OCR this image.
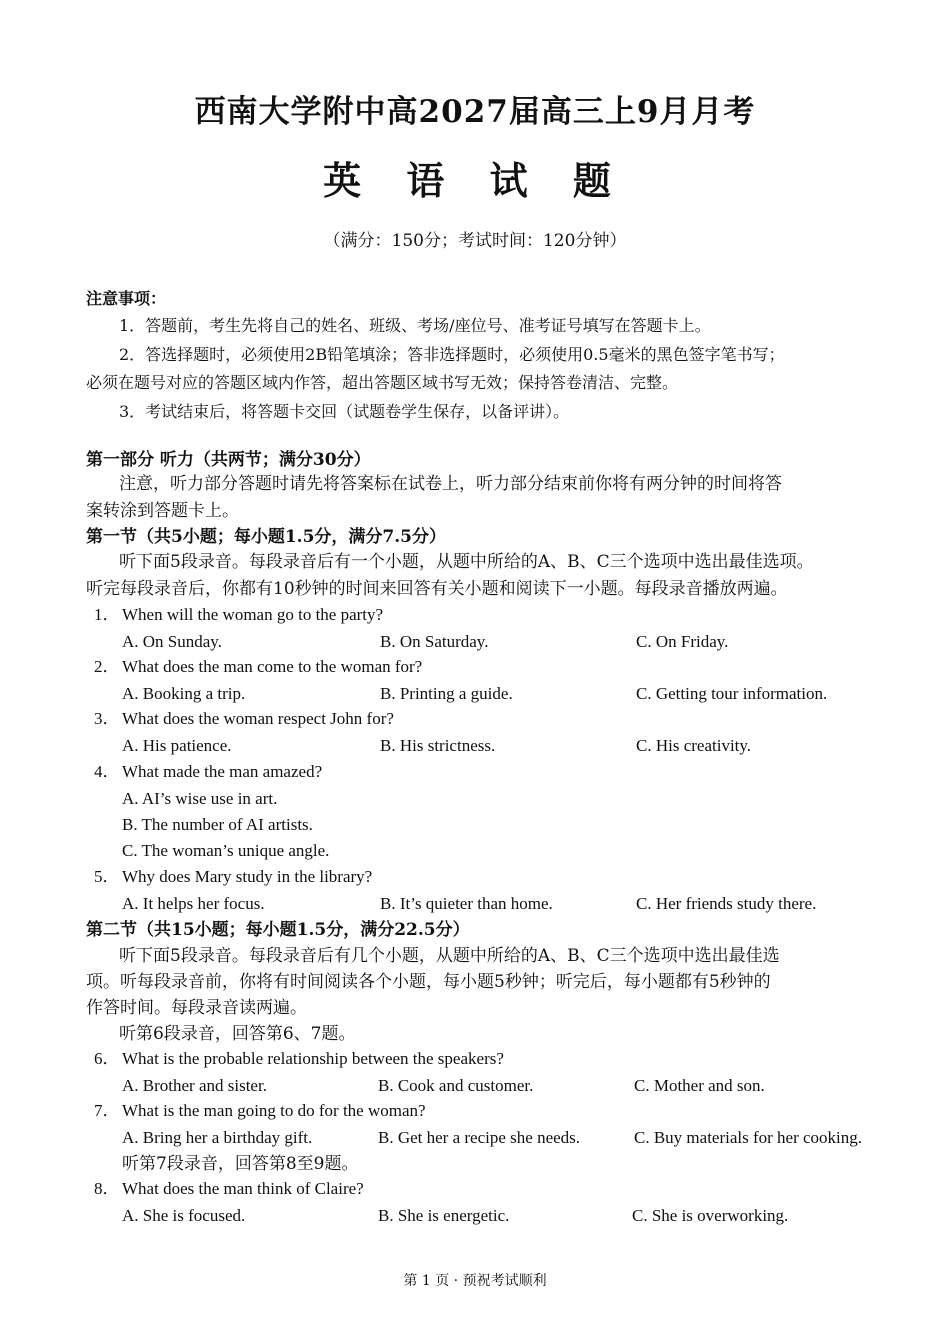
西南大学附中高2027届高三上9月月考
英 语 试 题
（满分：150分；考试时间：120分钟）
注意事项：
1．答题前，考生先将自己的姓名、班级、考场/座位号、准考证号填写在答题卡上。
2．答选择题时，必须使用2B铅笔填涂；答非选择题时，必须使用0.5毫米的黑色签字笔书写；
必须在题号对应的答题区域内作答，超出答题区域书写无效；保持答卷清洁、完整。
3．考试结束后，将答题卡交回（试题卷学生保存，以备评讲）。
第一部分 听力（共两节；满分30分）
注意，听力部分答题时请先将答案标在试卷上，听力部分结束前你将有两分钟的时间将答
案转涂到答题卡上。
第一节（共5小题；每小题1.5分，满分7.5分）
听下面5段录音。每段录音后有一个小题，从题中所给的A、B、C三个选项中选出最佳选项。
听完每段录音后，你都有10秒钟的时间来回答有关小题和阅读下一小题。每段录音播放两遍。
1． When will the woman go to the party?
A. On Sunday.	B. On Saturday.	C. On Friday.
2． What does the man come to the woman for?
A. Booking a trip.	B. Printing a guide.	C. Getting tour information.
3． What does the woman respect John for?
A. His patience.	B. His strictness.	C. His creativity.
4． What made the man amazed?
A. AI’s wise use in art.
B. The number of AI artists.
C. The woman’s unique angle.
5． Why does Mary study in the library?
A. It helps her focus.	B. It’s quieter than home.	C. Her friends study there.
第二节（共15小题；每小题1.5分，满分22.5分）
听下面5段录音。每段录音后有几个小题，从题中所给的A、B、C三个选项中选出最佳选
项。听每段录音前，你将有时间阅读各个小题，每小题5秒钟；听完后，每小题都有5秒钟的
作答时间。每段录音读两遍。
听第6段录音，回答第6、7题。
6． What is the probable relationship between the speakers?
A. Brother and sister.	B. Cook and customer.	C. Mother and son.
7． What is the man going to do for the woman?
A. Bring her a birthday gift.	B. Get her a recipe she needs.	C. Buy materials for her cooking.
听第7段录音，回答第8至9题。
8． What does the man think of Claire?
A. She is focused.	B. She is energetic.	C. She is overworking.
第 1 页 · 预祝考试顺利
